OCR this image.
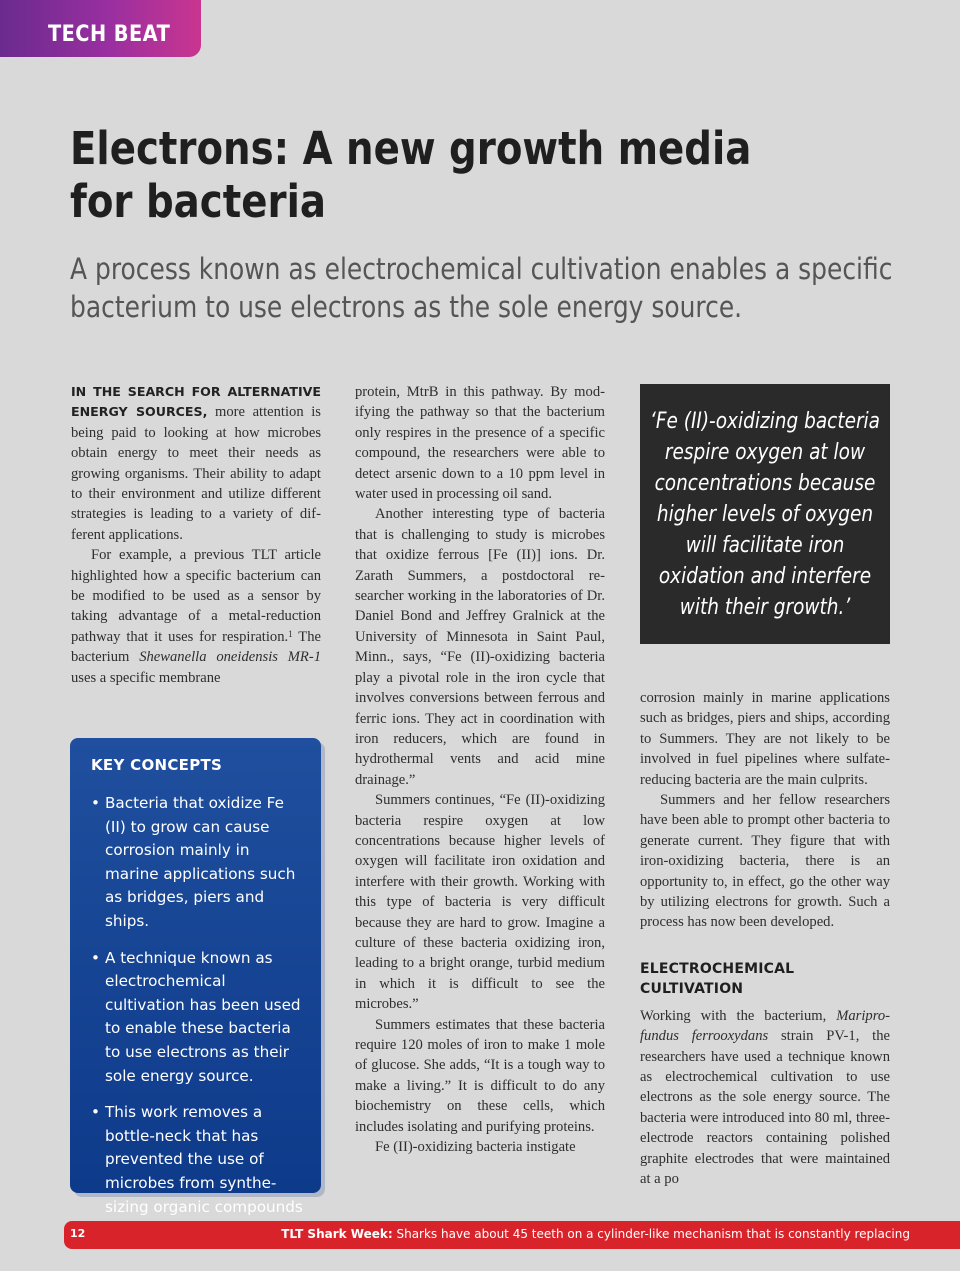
TECH BEAT
Electrons: A new growth media
for bacteria
A process known as electrochemical cultivation enables a specific
bacterium to use electrons as the sole energy source.

IN THE SEARCH FOR ALTERNATIVE ENERGY SOURCES, more attention is being paid to looking at how microbes obtain energy to meet their needs as growing organisms. Their ability to adapt to their environment and utilize different strategies is leading to a variety of different applications.

For example, a previous TLT article highlighted how a specific bacterium can be modified to be used as a sensor by taking advantage of a metal-reduction pathway that it uses for respiration.$^1$ The bacterium Shewanella oneidensis MR-1 uses a specific membrane

KEY CONCEPTS
• Bacteria that oxidize Fe (II) to grow can cause corrosion mainly in marine applications such as bridges, piers and ships.
• A technique known as electrochemical cultivation has been used to enable these bacteria to use electrons as their sole energy source.
• This work removes a bottle-neck that has prevented the use of microbes from synthe-sizing organic compounds

protein, MtrB in this pathway. By modifying the pathway so that the bacterium only respires in the presence of a specific compound, the researchers were able to detect arsenic down to a 10 ppm level in water used in processing oil sand.

Another interesting type of bacteria that is challenging to study is microbes that oxidize ferrous [Fe (II)] ions. Dr. Zarath Summers, a postdoctoral researcher working in the laboratories of Dr. Daniel Bond and Jeffrey Gralnick at the University of Minnesota in Saint Paul, Minn., says, “Fe (II)-oxidizing bacteria play a pivotal role in the iron cycle that involves conversions between ferrous and ferric ions. They act in coordination with iron reducers, which are found in hydrothermal vents and acid mine drainage.”

Summers continues, “Fe (II)-oxidizing bacteria respire oxygen at low concentrations because higher levels of oxygen will facilitate iron oxidation and interfere with their growth. Working with this type of bacteria is very difficult because they are hard to grow. Imagine a culture of these bacteria oxidizing iron, leading to a bright orange, turbid medium in which it is difficult to see the microbes.”

Summers estimates that these bacteria require 120 moles of iron to make 1 mole of glucose. She adds, “It is a tough way to make a living.” It is difficult to do any biochemistry on these cells, which includes isolating and purifying proteins.

Fe (II)-oxidizing bacteria instigate

‘Fe (II)-oxidizing bacteria respire oxygen at low concentrations because higher levels of oxygen will facilitate iron oxidation and interfere with their growth.’

corrosion mainly in marine applications such as bridges, piers and ships, according to Summers. They are not likely to be involved in fuel pipelines where sulfate-reducing bacteria are the main culprits.

Summers and her fellow researchers have been able to prompt other bacteria to generate current. They figure that with iron-oxidizing bacteria, there is an opportunity to, in effect, go the other way by utilizing electrons for growth. Such a process has now been developed.

ELECTROCHEMICAL CULTIVATION

Working with the bacterium, Mariprofundus ferrooxydans strain PV-1, the researchers have used a technique known as electrochemical cultivation to use electrons as the sole energy source. The bacteria were introduced into 80 ml, three-electrode reactors containing polished graphite electrodes that were maintained at a po

12	TLT Shark Week: Sharks have about 45 teeth on a cylinder-like mechanism that is constantly replacing
